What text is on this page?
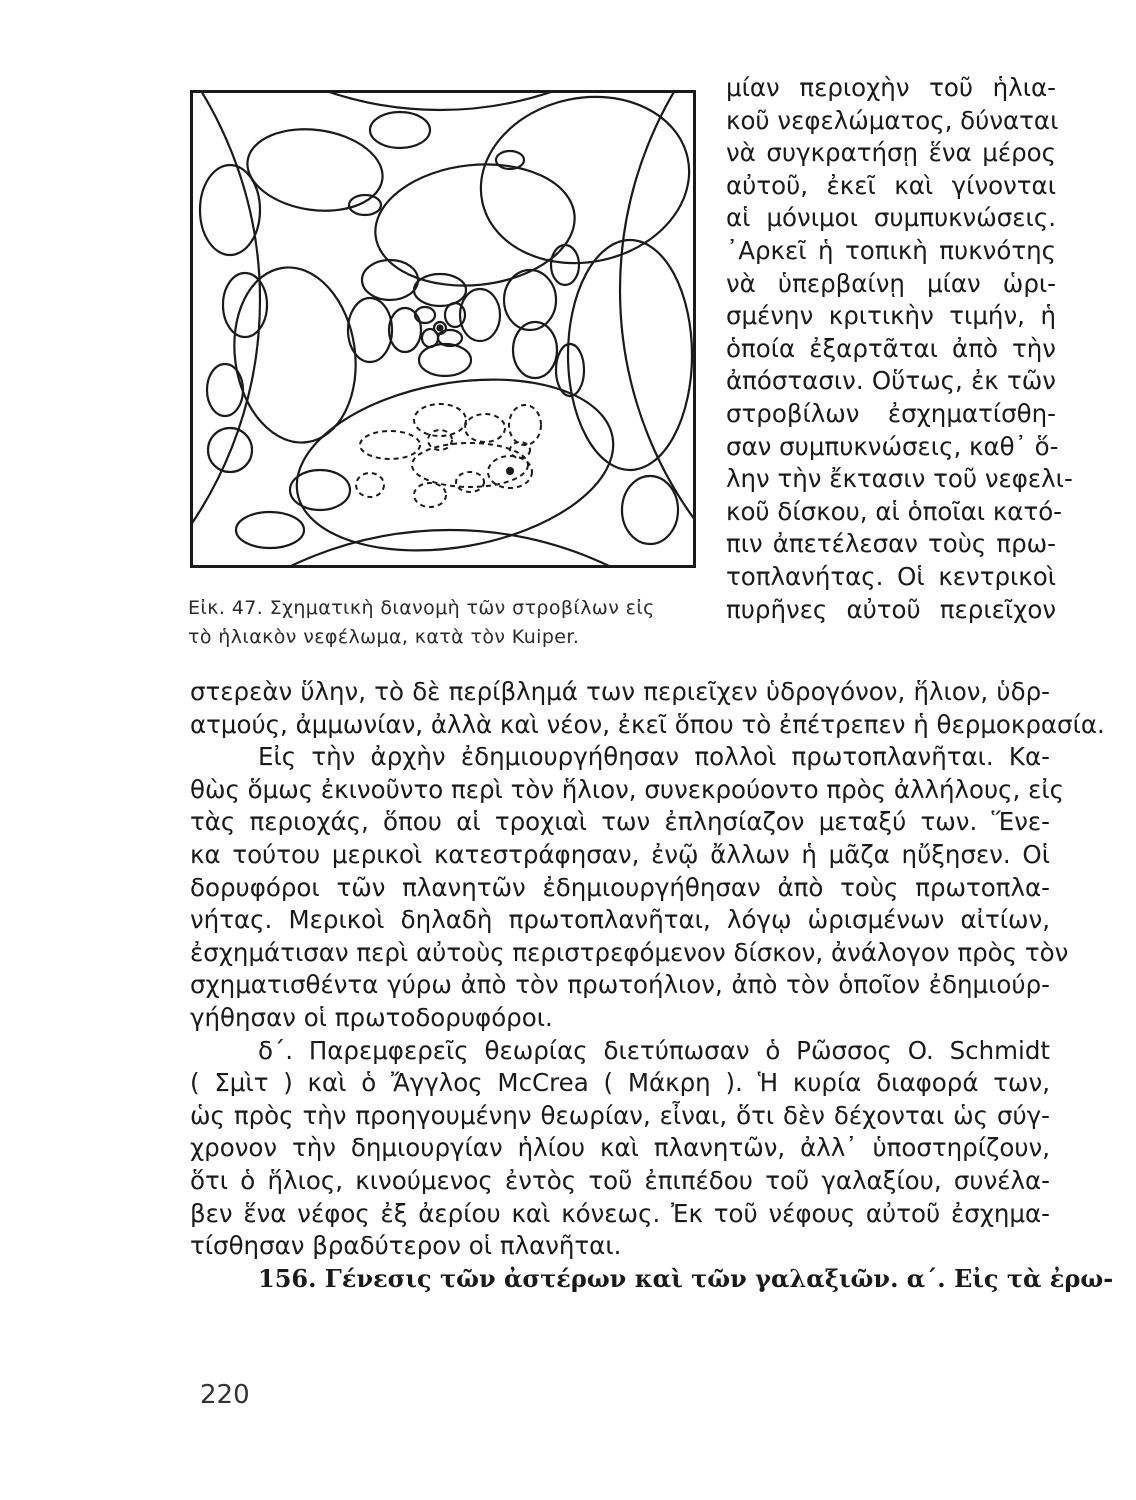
Εἰκ. 47. Σχηματικὴ διανομὴ τῶν στροβίλων εἰς
τὸ ἡλιακὸν νεφέλωμα, κατὰ τὸν Kuiper.
μίαν περιοχὴν τοῦ ἡλια-
κοῦ νεφελώματος, δύναται
νὰ συγκρατήσῃ ἕνα μέρος
αὐτοῦ, ἐκεῖ καὶ γίνονται
αἱ μόνιμοι συμπυκνώσεις.
᾽Αρκεῖ ἡ τοπικὴ πυκνότης
νὰ ὑπερβαίνῃ μίαν ὡρι-
σμένην κριτικὴν τιμήν, ἡ
ὁποία ἐξαρτᾶται ἀπὸ τὴν
ἀπόστασιν. Οὕτως, ἐκ τῶν
στροβίλων ἐσχηματίσθη-
σαν συμπυκνώσεις, καθ᾽ ὅ-
λην τὴν ἔκτασιν τοῦ νεφελι-
κοῦ δίσκου, αἱ ὁποῖαι κατό-
πιν ἀπετέλεσαν τοὺς πρω-
τοπλανήτας. Οἱ κεντρικοὶ
πυρῆνες αὐτοῦ περιεῖχον
στερεὰν ὕλην, τὸ δὲ περίβλημά των περιεῖχεν ὑδρογόνον, ἥλιον, ὑδρ-
ατμούς, ἀμμωνίαν, ἀλλὰ καὶ νέον, ἐκεῖ ὅπου τὸ ἐπέτρεπεν ἡ θερμοκρασία.
Εἰς τὴν ἀρχὴν ἐδημιουργήθησαν πολλοὶ πρωτοπλανῆται. Κα-
θὼς ὅμως ἐκινοῦντο περὶ τὸν ἥλιον, συνεκρούοντο πρὸς ἀλλήλους, εἰς
τὰς περιοχάς, ὅπου αἱ τροχιαὶ των ἐπλησίαζον μεταξύ των. Ἕνε-
κα τούτου μερικοὶ κατεστράφησαν, ἐνῷ ἄλλων ἡ μᾶζα ηὔξησεν. Οἱ
δορυφόροι τῶν πλανητῶν ἐδημιουργήθησαν ἀπὸ τοὺς πρωτοπλα-
νήτας. Μερικοὶ δηλαδὴ πρωτοπλανῆται, λόγῳ ὡρισμένων αἰτίων,
ἐσχημάτισαν περὶ αὐτοὺς περιστρεφόμενον δίσκον, ἀνάλογον πρὸς τὸν
σχηματισθέντα γύρω ἀπὸ τὸν πρωτοήλιον, ἀπὸ τὸν ὁποῖον ἐδημιούρ-
γήθησαν οἱ πρωτοδορυφόροι.
δ΄. Παρεμφερεῖς θεωρίας διετύπωσαν ὁ Ρῶσσος O. Schmidt
( Σμὶτ ) καὶ ὁ Ἄγγλος McCrea ( Μάκρη ). Ἡ κυρία διαφορά των,
ὡς πρὸς τὴν προηγουμένην θεωρίαν, εἶναι, ὅτι δὲν δέχονται ὡς σύγ-
χρονον τὴν δημιουργίαν ἡλίου καὶ πλανητῶν, ἀλλ᾽ ὑποστηρίζουν,
ὅτι ὁ ἥλιος, κινούμενος ἐντὸς τοῦ ἐπιπέδου τοῦ γαλαξίου, συνέλα-
βεν ἕνα νέφος ἐξ ἀερίου καὶ κόνεως. Ἐκ τοῦ νέφους αὐτοῦ ἐσχημα-
τίσθησαν βραδύτερον οἱ πλανῆται.
156. Γένεσις τῶν ἀστέρων καὶ τῶν γαλαξιῶν. α΄. Εἰς τὰ ἐρω-
220
